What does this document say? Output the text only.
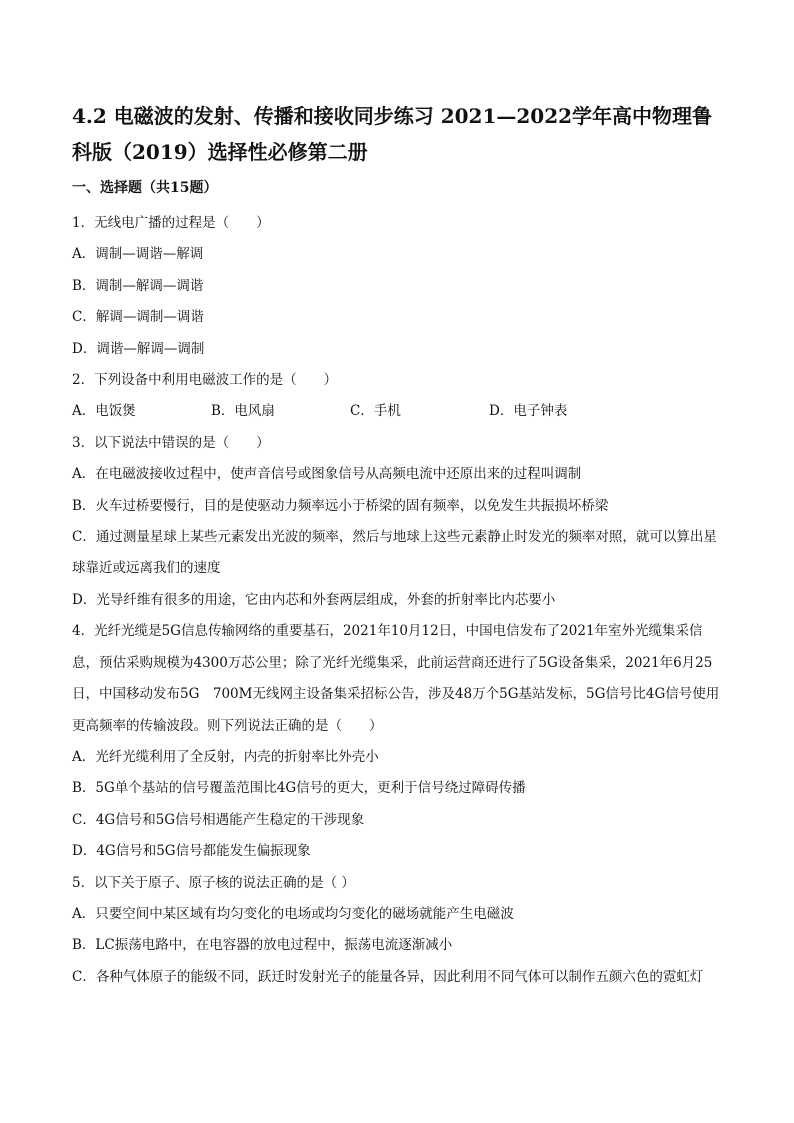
4.2 电磁波的发射、传播和接收同步练习 2021—2022学年高中物理鲁科版（2019）选择性必修第二册
一、选择题（共15题）
1．无线电广播的过程是（　　）
A．调制—调谐—解调
B．调制—解调—调谐
C．解调—调制—调谐
D．调谐—解调—调制
2．下列设备中利用电磁波工作的是（　　）
A．电饭煲	B．电风扇	C．手机	D．电子钟表
3．以下说法中错误的是（　　）
A．在电磁波接收过程中，使声音信号或图象信号从高频电流中还原出来的过程叫调制
B．火车过桥要慢行，目的是使驱动力频率远小于桥梁的固有频率，以免发生共振损坏桥梁
C．通过测量星球上某些元素发出光波的频率，然后与地球上这些元素静止时发光的频率对照，就可以算出星球靠近或远离我们的速度
D．光导纤维有很多的用途，它由内芯和外套两层组成，外套的折射率比内芯要小
4．光纤光缆是5G信息传输网络的重要基石，2021年10月12日，中国电信发布了2021年室外光缆集采信息，预估采购规模为4300万芯公里；除了光纤光缆集采，此前运营商还进行了5G设备集采，2021年6月25日，中国移动发布5G　700M无线网主设备集采招标公告，涉及48万个5G基站发标，5G信号比4G信号使用更高频率的传输波段。则下列说法正确的是（　　）
A．光纤光缆利用了全反射，内壳的折射率比外壳小
B．5G单个基站的信号覆盖范围比4G信号的更大，更利于信号绕过障碍传播
C．4G信号和5G信号相遇能产生稳定的干涉现象
D．4G信号和5G信号都能发生偏振现象
5．以下关于原子、原子核的说法正确的是（ ）
A．只要空间中某区域有均匀变化的电场或均匀变化的磁场就能产生电磁波
B．LC振荡电路中，在电容器的放电过程中，振荡电流逐渐减小
C．各种气体原子的能级不同，跃迁时发射光子的能量各异，因此利用不同气体可以制作五颜六色的霓虹灯
